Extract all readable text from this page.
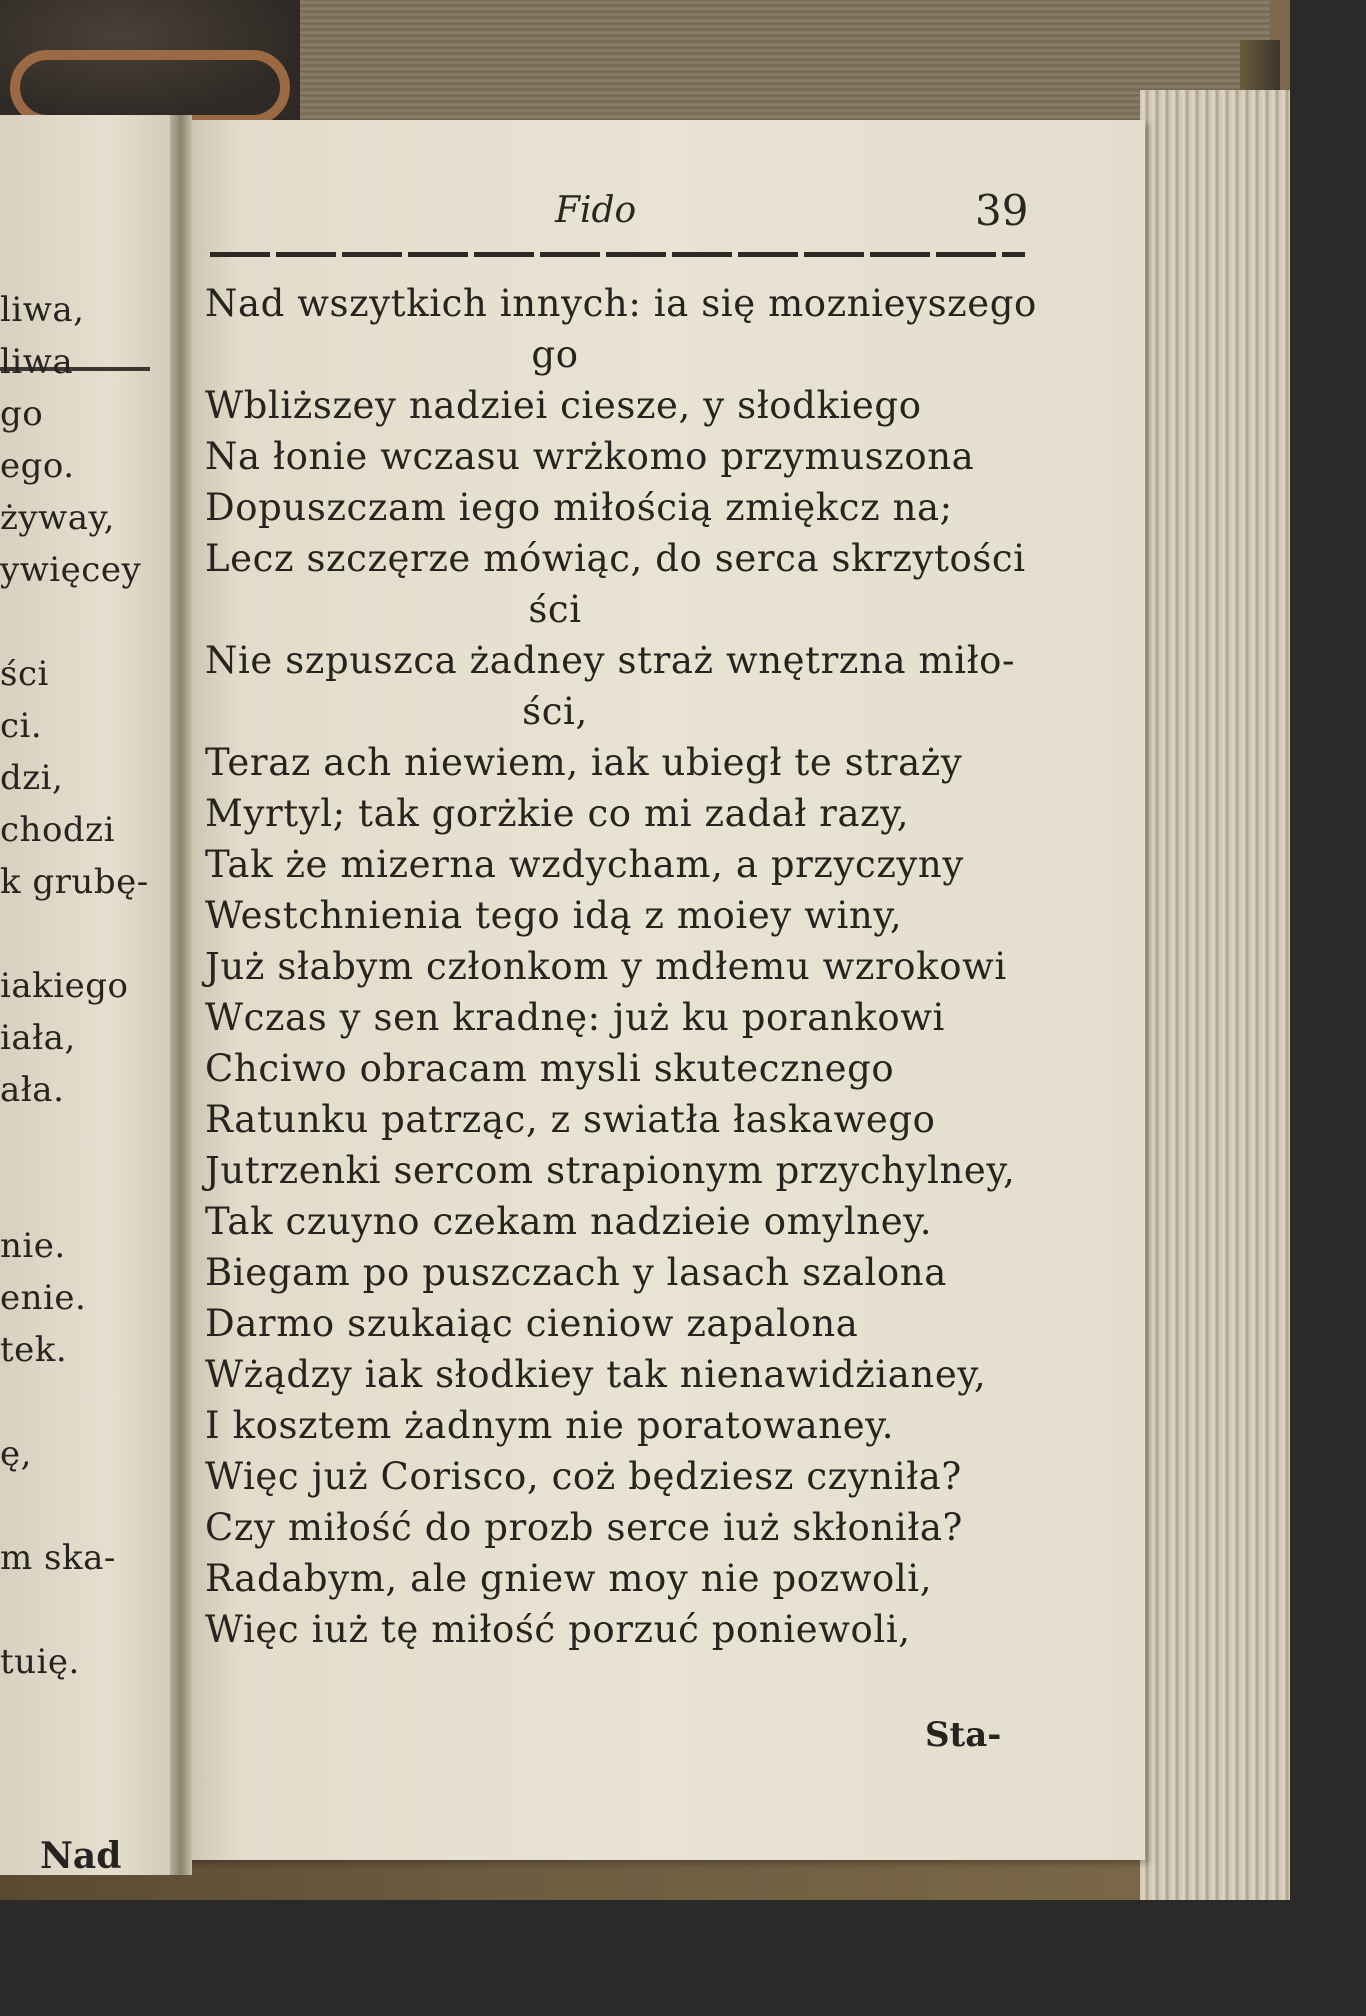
liwa,
liwa
go
ego.
żyway,
ywięcey
ści
ci.
dzi,
chodzi
k grubę-
iakiego
iała,
ała.
nie.
enie.
tek.
ę,
m ska-
tuię.
Nad
Fido	39
Nad wszytkich innych: ia się moznieyszego
go
Wbliższey nadziei ciesze, y słodkiego
Na łonie wczasu wrżkomo przymuszona
Dopuszczam iego miłością zmiękcz na;
Lecz szczęrze mówiąc, do serca skrzytości
ści
Nie szpuszca żadney straż wnętrzna miło-
ści,
Teraz ach niewiem, iak ubiegł te straży
Myrtyl; tak gorżkie co mi zadał razy,
Tak że mizerna wzdycham, a przyczyny
Westchnienia tego idą z moiey winy,
Już słabym członkom y mdłemu wzrokowi
Wczas y sen kradnę: już ku porankowi
Chciwo obracam mysli skutecznego
Ratunku patrząc, z swiatła łaskawego
Jutrzenki sercom strapionym przychylney,
Tak czuyno czekam nadzieie omylney.
Biegam po puszczach y lasach szalona
Darmo szukaiąc cieniow zapalona
Wżądzy iak słodkiey tak nienawidżianey,
I kosztem żadnym nie poratowaney.
Więc już Corisco, coż będziesz czyniła?
Czy miłość do prozb serce iuż skłoniła?
Radabym, ale gniew moy nie pozwoli,
Więc iuż tę miłość porzuć poniewoli,
Sta-
